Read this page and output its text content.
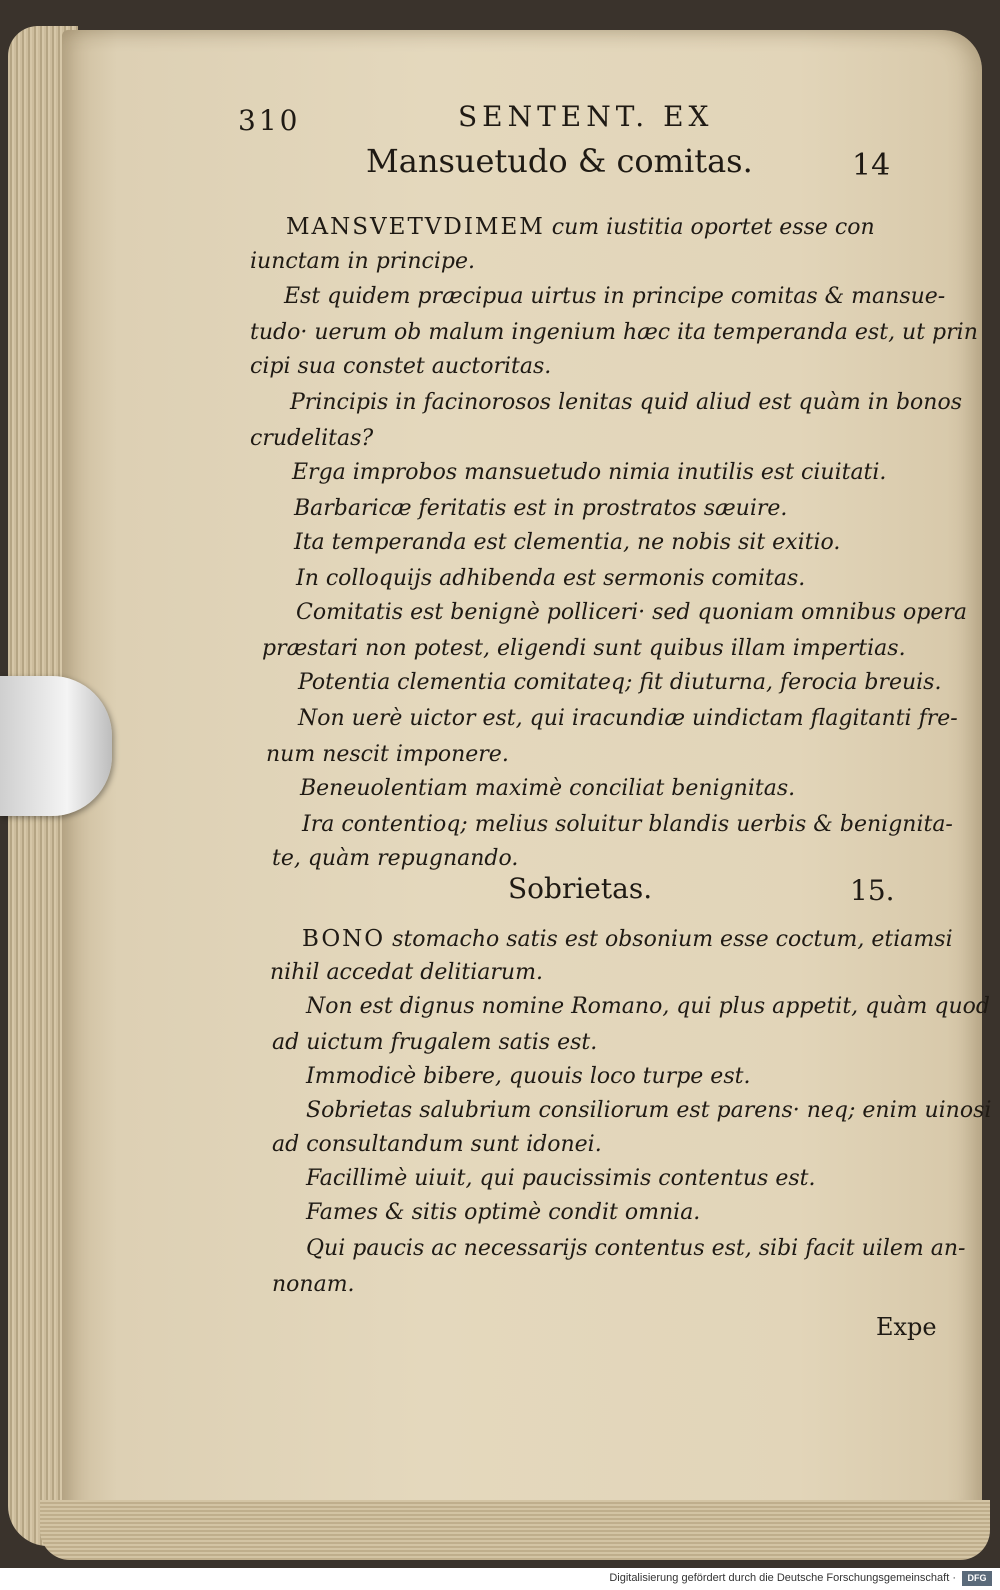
310	SENTENT. EX
Mansuetudo & comitas.	14
MANSVETVDIMEM cum iustitia oportet esse con
iunctam in principe.
Est quidem præcipua uirtus in principe comitas & mansue-
tudo· uerum ob malum ingenium hæc ita temperanda est, ut prin
cipi sua constet auctoritas.
Principis in facinorosos lenitas quid aliud est quàm in bonos
crudelitas?
Erga improbos mansuetudo nimia inutilis est ciuitati.
Barbaricæ feritatis est in prostratos sæuire.
Ita temperanda est clementia, ne nobis sit exitio.
In colloquijs adhibenda est sermonis comitas.
Comitatis est benignè polliceri· sed quoniam omnibus opera
præstari non potest, eligendi sunt quibus illam impertias.
Potentia clementia comitateq; fit diuturna, ferocia breuis.
Non uerè uictor est, qui iracundiæ uindictam flagitanti fre-
num nescit imponere.
Beneuolentiam maximè conciliat benignitas.
Ira contentioq; melius soluitur blandis uerbis & benignita-
te, quàm repugnando.
Sobrietas.	15.
BONO stomacho satis est obsonium esse coctum, etiamsi
nihil accedat delitiarum.
Non est dignus nomine Romano, qui plus appetit, quàm quod
ad uictum frugalem satis est.
Immodicè bibere, quouis loco turpe est.
Sobrietas salubrium consiliorum est parens· neq; enim uinosi
ad consultandum sunt idonei.
Facillimè uiuit, qui paucissimis contentus est.
Fames & sitis optimè condit omnia.
Qui paucis ac necessarijs contentus est, sibi facit uilem an-
nonam.
Expe
Digitalisierung gefördert durch die Deutsche Forschungsgemeinschaft ·	DFG
